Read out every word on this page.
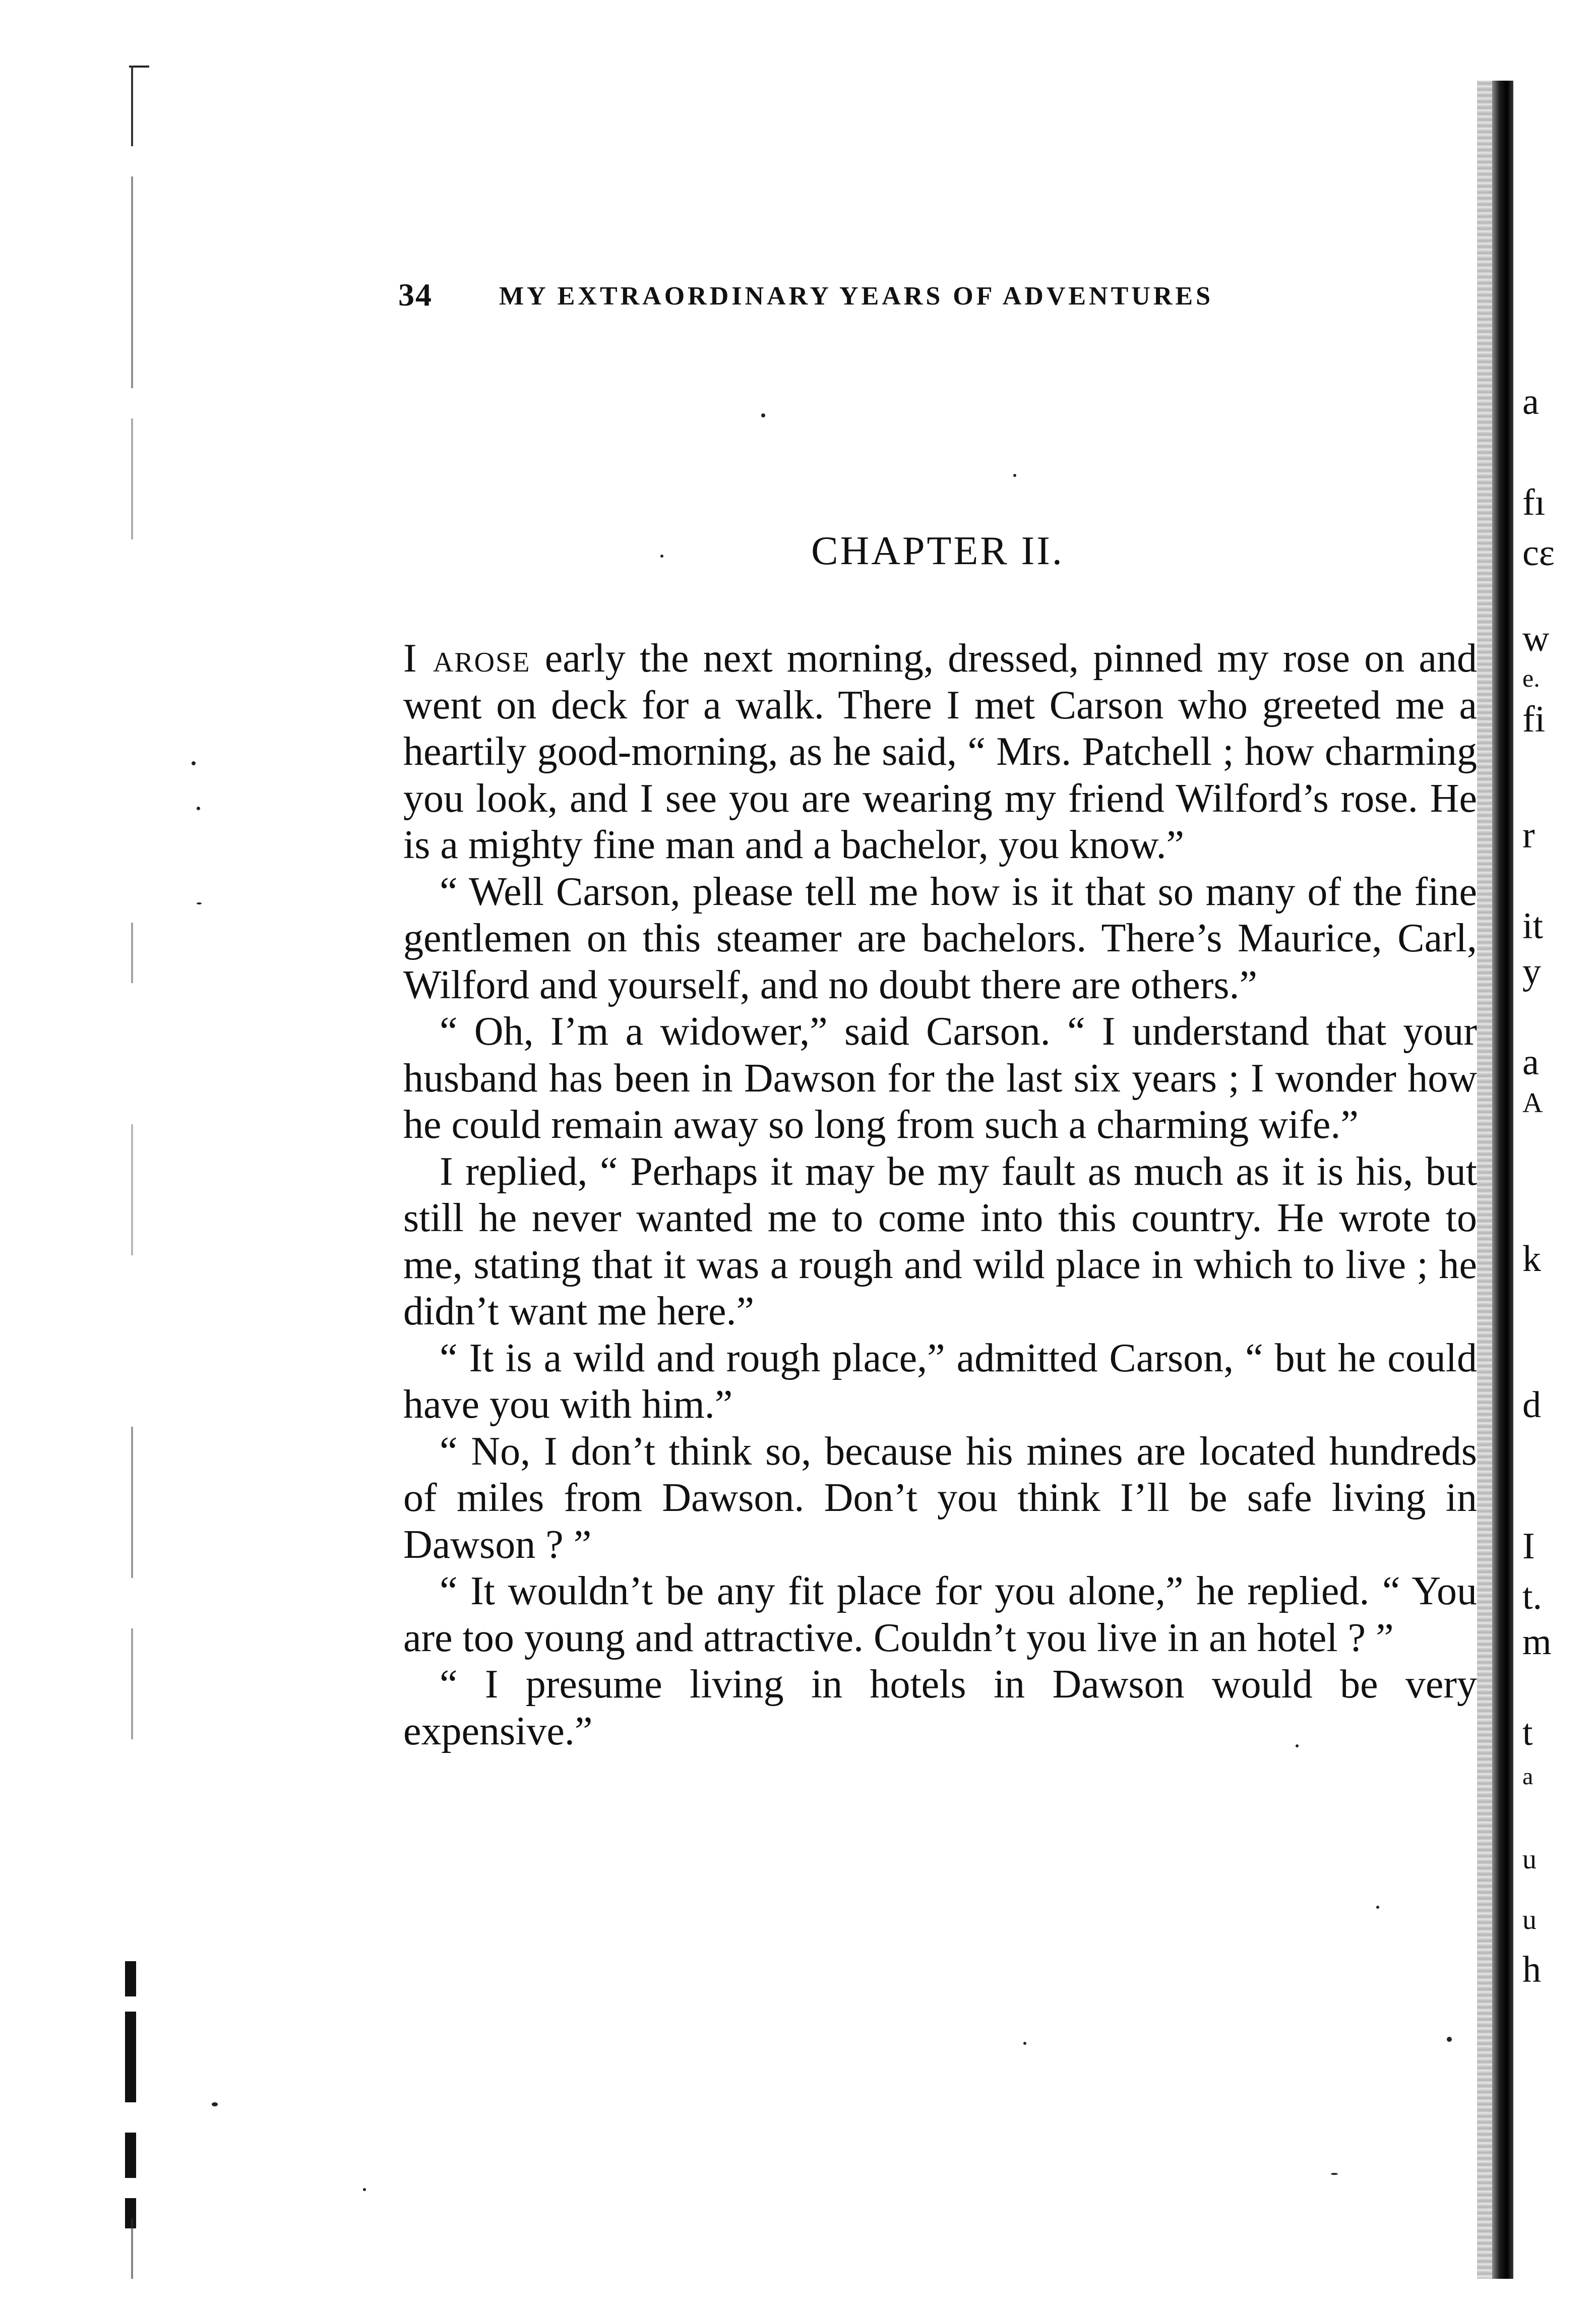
a
fı
cε
w
e.
fi
r
it
y
a
A
k
d
I
t.
m
t
a
u
u
h
34	MY EXTRAORDINARY YEARS OF ADVENTURES
CHAPTER II.

I arose early the next morning, dressed, pinned my rose on and went on deck for a walk. There I met Carson who greeted me a heartily good-morning, as he said, “ Mrs. Patchell ; how charming you look, and I see you are wearing my friend Wilford’s rose. He is a mighty fine man and a bachelor, you know.”

“ Well Carson, please tell me how is it that so many of the fine gentlemen on this steamer are bachelors. There’s Maurice, Carl, Wilford and yourself, and no doubt there are others.”

“ Oh, I’m a widower,” said Carson. “ I understand that your husband has been in Dawson for the last six years ; I wonder how he could remain away so long from such a charming wife.”

I replied, “ Perhaps it may be my fault as much as it is his, but still he never wanted me to come into this country. He wrote to me, stating that it was a rough and wild place in which to live ; he didn’t want me here.”

“ It is a wild and rough place,” admitted Carson, “ but he could have you with him.”

“ No, I don’t think so, because his mines are located hundreds of miles from Dawson. Don’t you think I’ll be safe living in Dawson ? ”

“ It wouldn’t be any fit place for you alone,” he replied. “ You are too young and attractive. Couldn’t you live in an hotel ? ”

“ I presume living in hotels in Dawson would be very expensive.”
